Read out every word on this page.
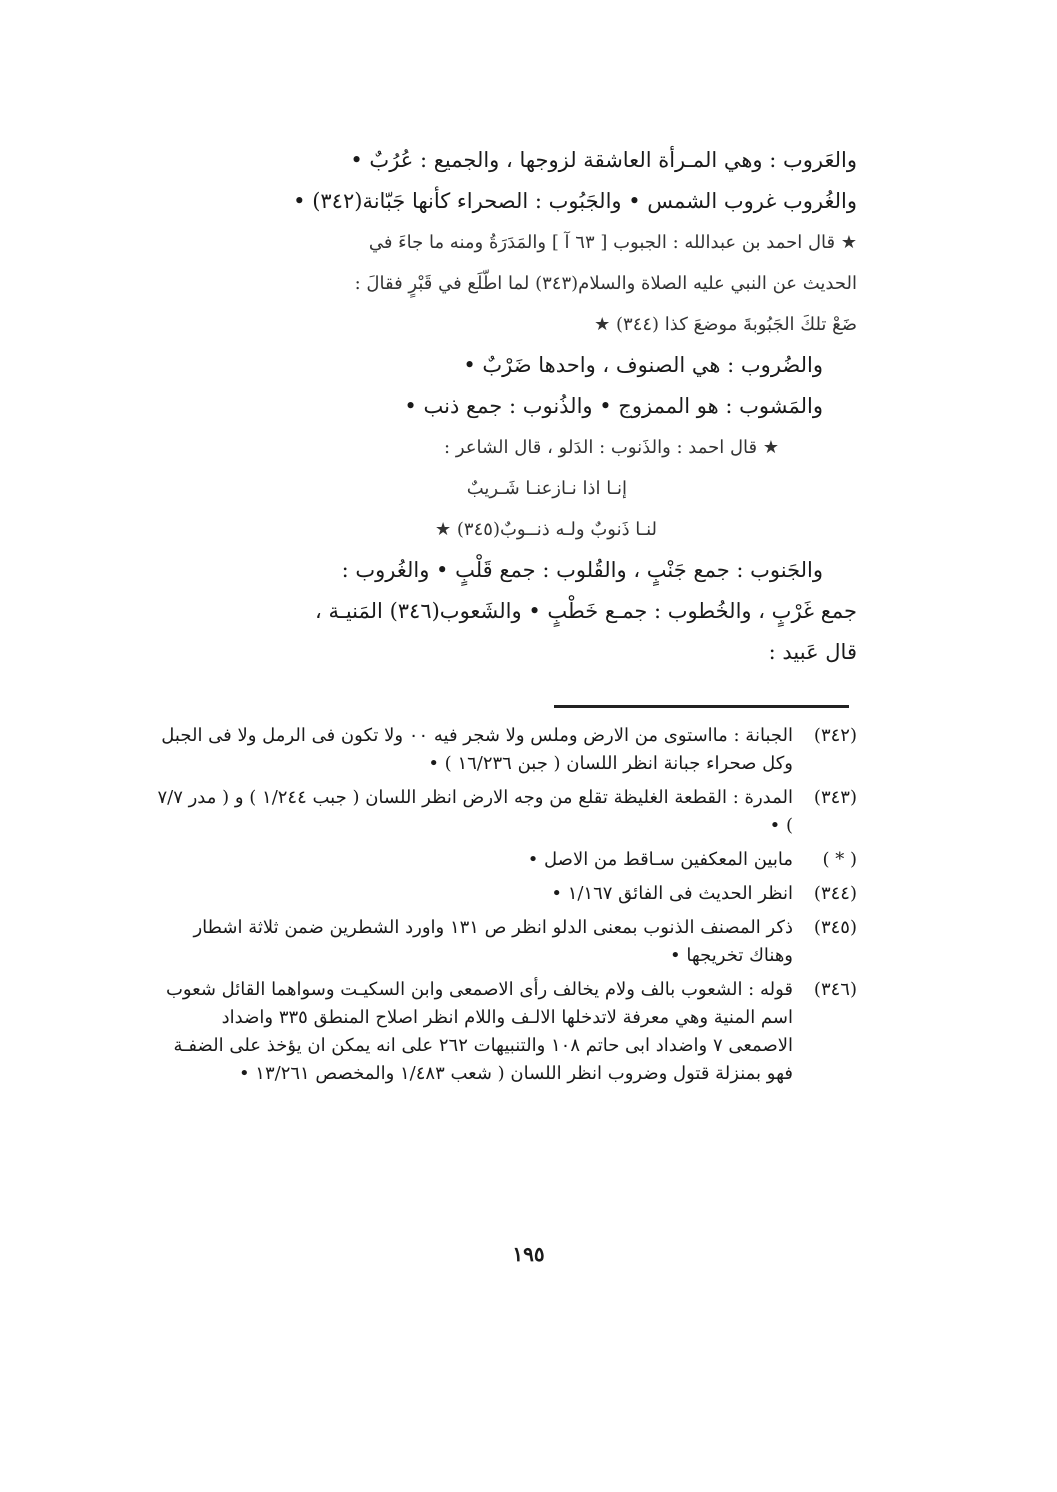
والعَروب : وهي المـرأة العاشقة لزوجها ، والجميع : عُرُبٌ •
والغُروب غروب الشمس • والجَبُوب : الصحراء كأنها جَبّانة(٣٤٢) •
★ قال احمد بن عبدالله : الجبوب [ ٦٣ آ ] والمَدَرَةُ ومنه ما جاءَ في
الحديث عن النبي عليه الصلاة والسلام(٣٤٣) لما اطّلَع في قَبْرٍ فقالَ :
ضَعْ تلكَ الجَبُوبةَ موضعَ كذا (٣٤٤) ★
والضُروب : هي الصنوف ، واحدها ضَرْبٌ •
والمَشوب : هو الممزوج • والذُنوب : جمع ذنب •
★ قال احمد : والذَنوب : الدَلو ، قال الشاعر :
إنـا اذا نـازعنـا شَـريبٌ
لنـا ذَنوبٌ ولـه ذنــوبٌ(٣٤٥) ★
والجَنوب : جمع جَنْبٍ ، والقُلوب : جمع قَلْبٍ • والغُروب :
جمع غَرْبٍ ، والخُطوب : جمـع خَطْبٍ • والشَعوب(٣٤٦) المَنيـة ،
قال عَبيد :
(٣٤٢)
الجبانة : مااستوى من الارض وملس ولا شجر فيه ٠٠ ولا تكون فى الرمل ولا فى الجبل وكل صحراء جبانة انظر اللسان ( جبن ١٦/٢٣٦ ) •
(٣٤٣)
المدرة : القطعة الغليظة تقلع من وجه الارض انظر اللسان ( جبب ١/٢٤٤ ) و ( مدر ٧/٧ ) •
( * )
مابين المعكفين سـاقط من الاصل •
(٣٤٤)
انظر الحديث فى الفائق ١/١٦٧ •
(٣٤٥)
ذكر المصنف الذنوب بمعنى الدلو انظر ص ١٣١ واورد الشطرين ضمن ثلاثة اشطار وهناك تخريجها •
(٣٤٦)
قوله : الشعوب بالف ولام يخالف رأى الاصمعى وابن السكيـت وسواهما القائل شعوب اسم المنية وهي معرفة لاتدخلها الالـف واللام انظر اصلاح المنطق ٣٣٥ واضداد الاصمعى ٧ واضداد ابى حاتم ١٠٨ والتنبيهات ٢٦٢ على انه يمكن ان يؤخذ على الضفـة فهو بمنزلة قتول وضروب انظر اللسان ( شعب ١/٤٨٣ والمخصص ١٣/٢٦١ •
١٩٥
